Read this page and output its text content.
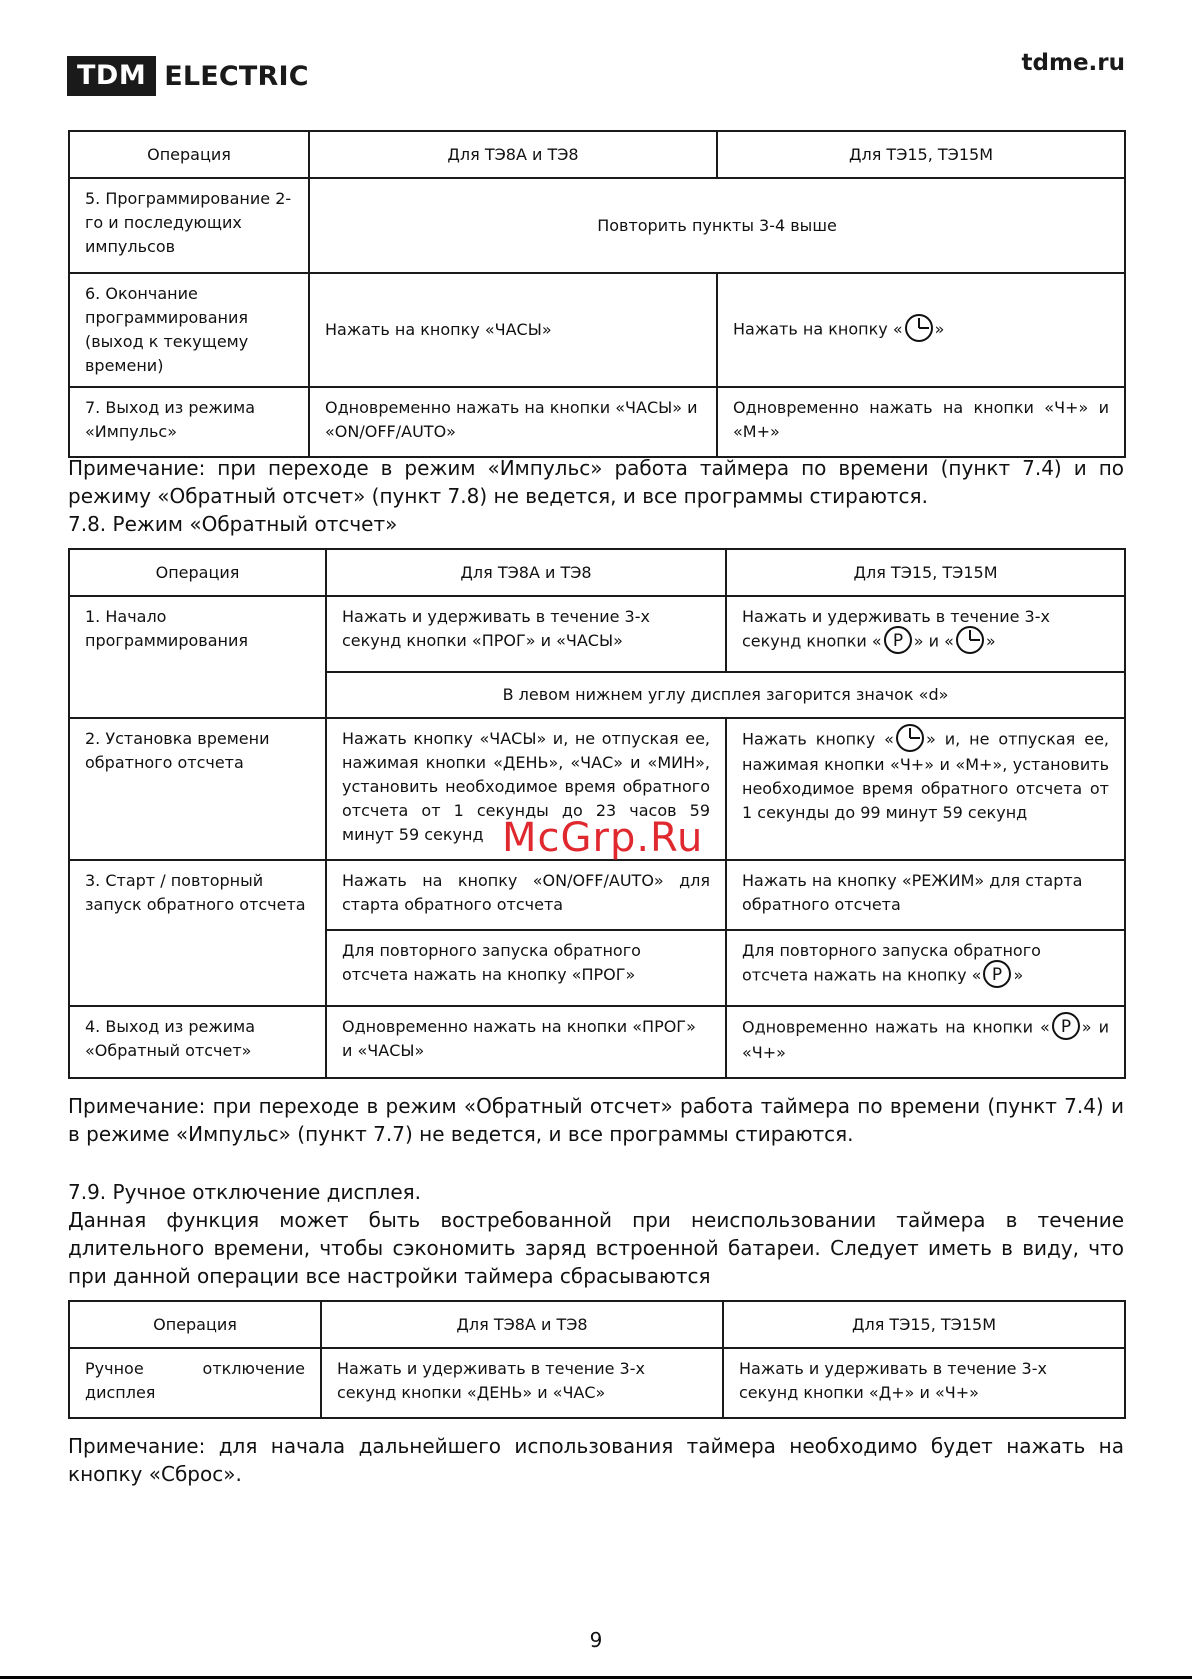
TDM ELECTRIC	tdme.ru
Операция	Для ТЭ8А и ТЭ8	Для ТЭ15, ТЭ15М
5. Программирование 2-го и последующих импульсов	Повторить пункты 3-4 выше	
6. Окончание программирования (выход к текущему времени)	Нажать на кнопку «ЧАСЫ»	Нажать на кнопку « »
7. Выход из режима «Импульс»	Одновременно нажать на кнопки «ЧАСЫ» и «ON/OFF/AUTO»	Одновременно нажать на кнопки «Ч+» и «М+»
Примечание: при переходе в режим «Импульс» работа таймера по времени (пункт 7.4) и по режиму «Обратный отсчет» (пункт 7.8) не ведется, и все программы стираются.
7.8. Режим «Обратный отсчет»
Операция	Для ТЭ8А и ТЭ8	Для ТЭ15, ТЭ15М
1. Начало программирования	Нажать и удерживать в течение 3-х секунд кнопки «ПРОГ» и «ЧАСЫ»	Нажать и удерживать в течение 3-х секунд кнопки « P » и « »
	В левом нижнем углу дисплея загорится значок «d»	
2. Установка времени обратного отсчета	Нажать кнопку «ЧАСЫ» и, не отпуская ее, нажимая кнопки «ДЕНЬ», «ЧАС» и «МИН», установить необходимое время обратного отсчета от 1 секунды до 23 часов 59 минут 59 секунд	Нажать кнопку « » и, не отпуская ее, нажимая кнопки «Ч+» и «М+», установить необходимое время обратного отсчета от 1 секунды до 99 минут 59 секунд
3. Старт / повторный запуск обратного отсчета	Нажать на кнопку «ON/OFF/AUTO» для старта обратного отсчета	Нажать на кнопку «РЕЖИМ» для старта обратного отсчета
	Для повторного запуска обратного отсчета нажать на кнопку «ПРОГ»	Для повторного запуска обратного отсчета нажать на кнопку « P »
4. Выход из режима «Обратный отсчет»	Одновременно нажать на кнопки «ПРОГ» и «ЧАСЫ»	Одновременно нажать на кнопки « P » и «Ч+»
Примечание: при переходе в режим «Обратный отсчет» работа таймера по времени (пункт 7.4) и в режиме «Импульс» (пункт 7.7) не ведется, и все программы стираются.
7.9. Ручное отключение дисплея.
Данная функция может быть востребованной при неиспользовании таймера в течение длительного времени, чтобы сэкономить заряд встроенной батареи. Следует иметь в виду, что при данной операции все настройки таймера сбрасываются
Операция	Для ТЭ8А и ТЭ8	Для ТЭ15, ТЭ15М
Ручное отключение дисплея	Нажать и удерживать в течение 3-х секунд кнопки «ДЕНЬ» и «ЧАС»	Нажать и удерживать в течение 3-х секунд кнопки «Д+» и «Ч+»
Примечание: для начала дальнейшего использования таймера необходимо будет нажать на кнопку «Сброс».
McGrp.Ru
9
